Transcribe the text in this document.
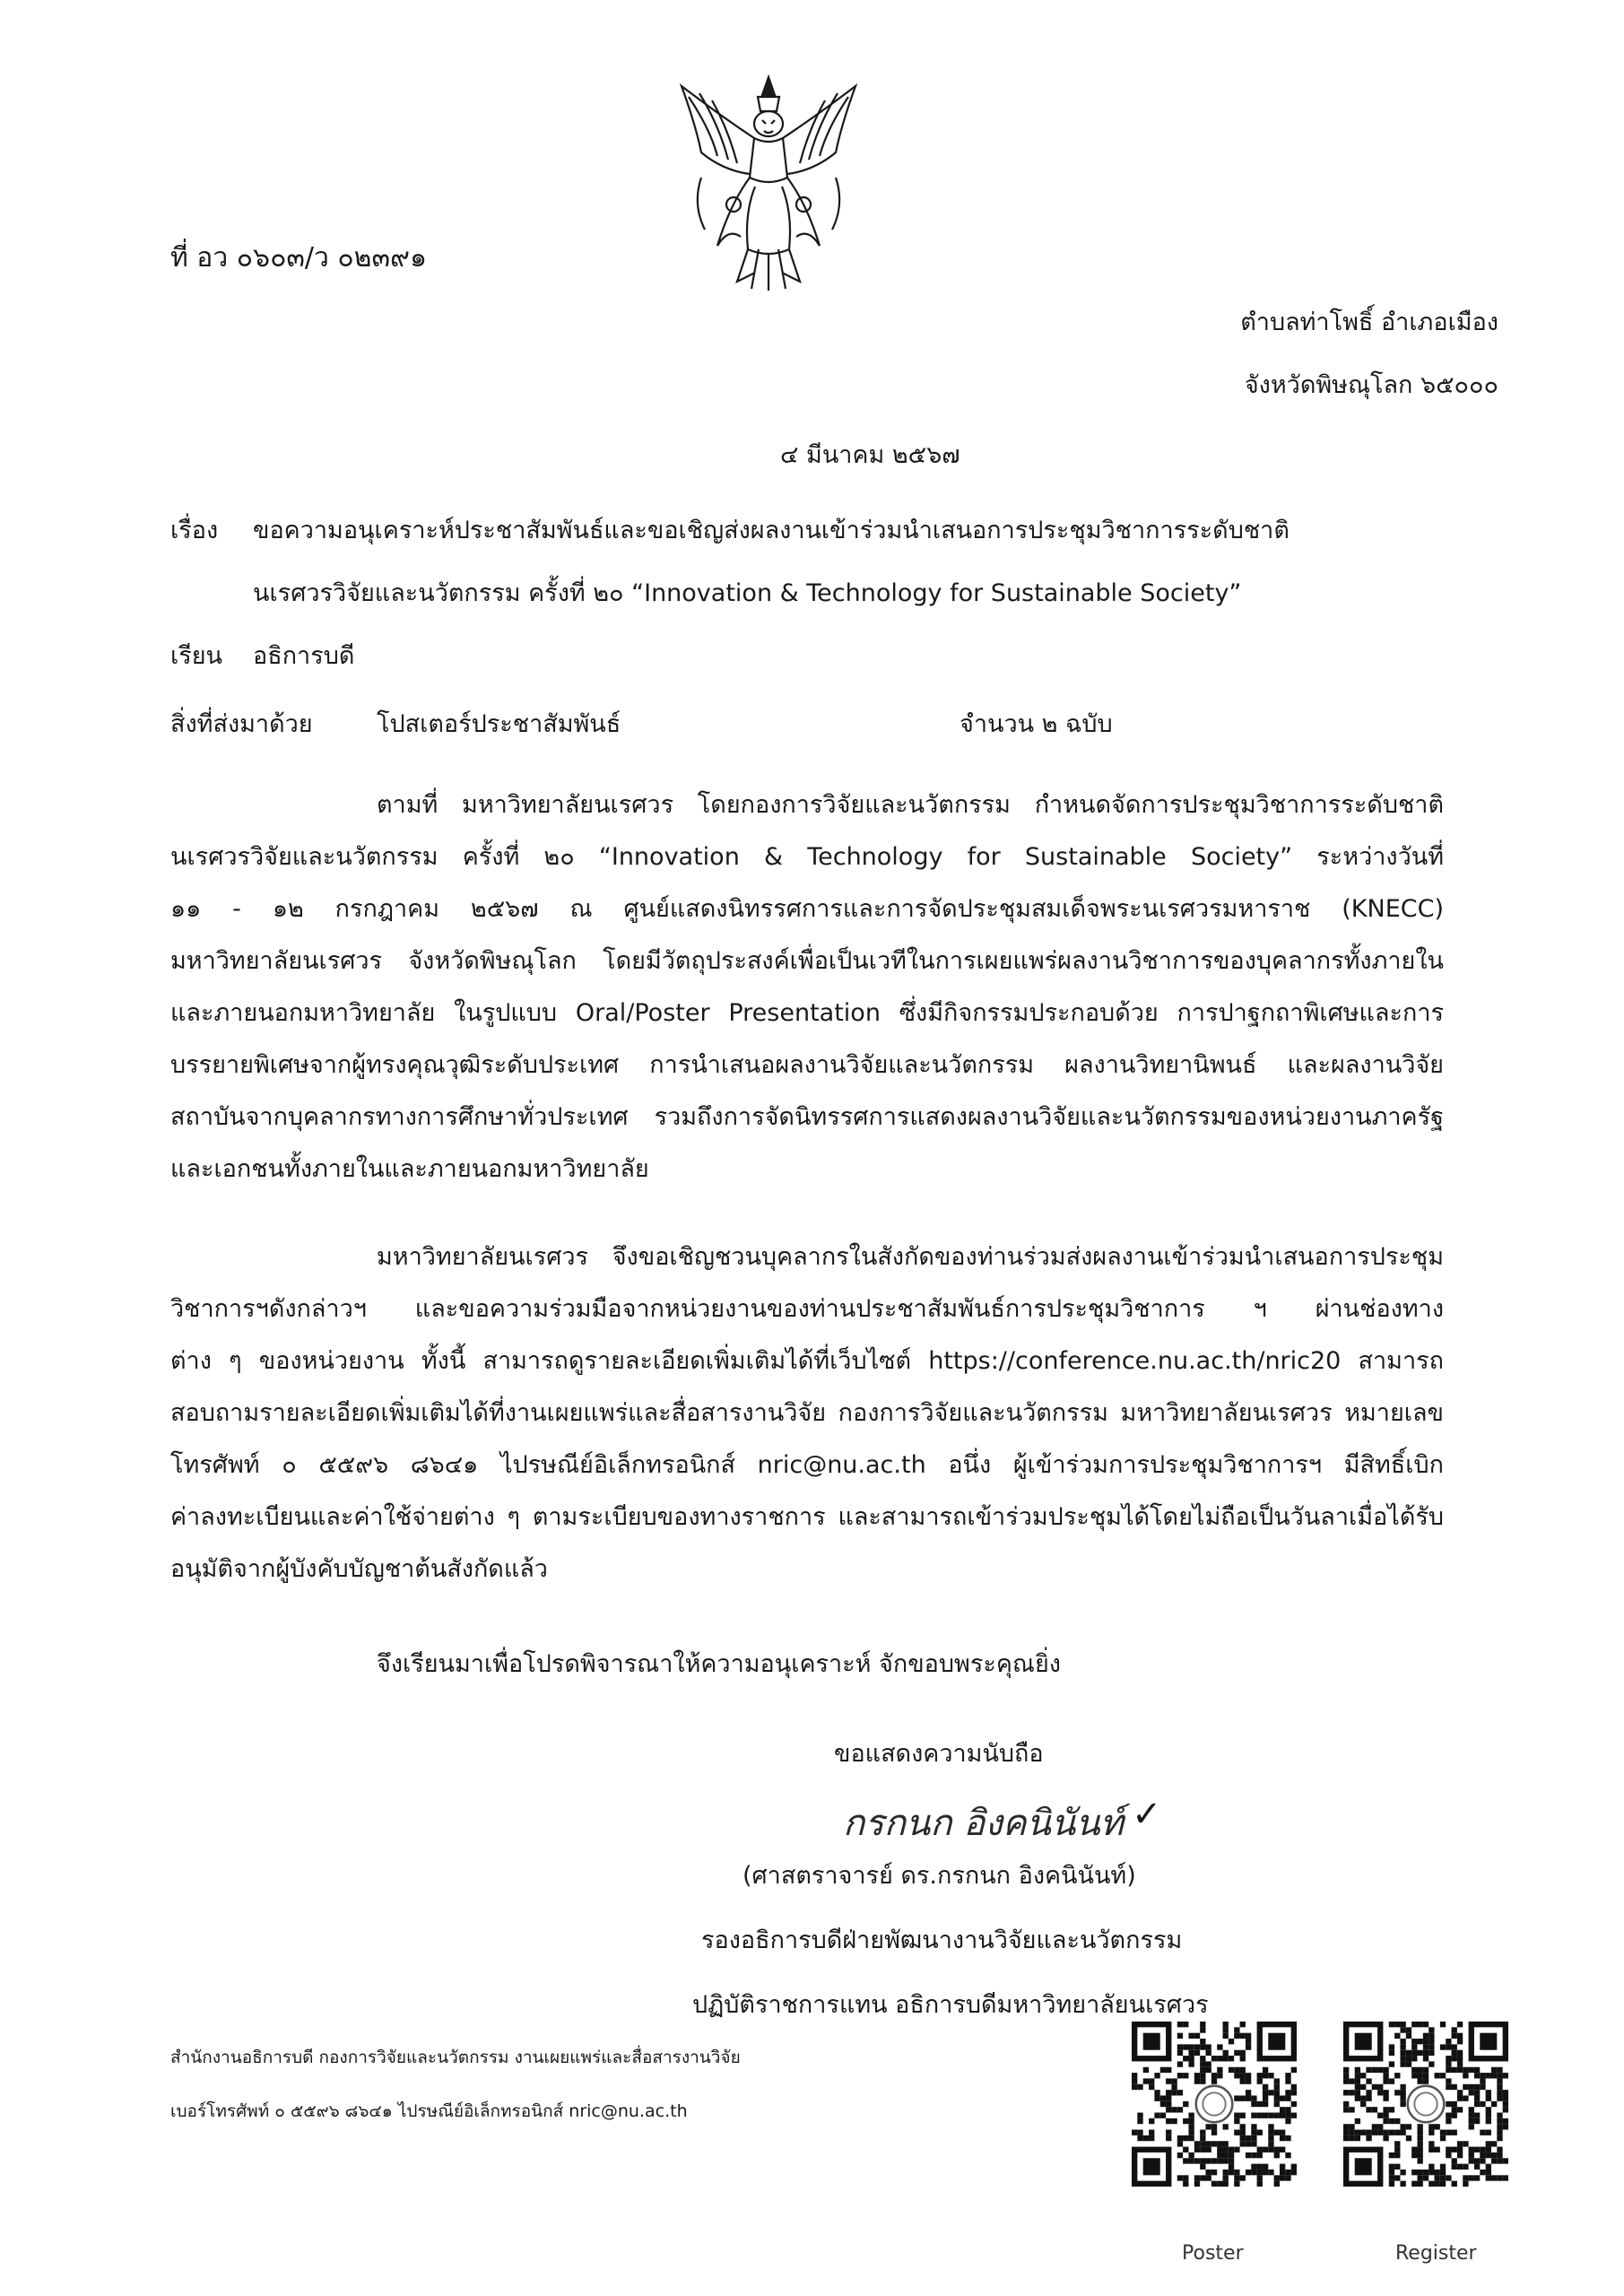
ที่ อว ๐๖๐๓/ว ๐๒๓๙๑
ตำบลท่าโพธิ์ อำเภอเมือง
จังหวัดพิษณุโลก ๖๕๐๐๐
๔ มีนาคม ๒๕๖๗
เรื่อง ขอความอนุเคราะห์ประชาสัมพันธ์และขอเชิญส่งผลงานเข้าร่วมนำเสนอการประชุมวิชาการระดับชาติ
นเรศวรวิจัยและนวัตกรรม ครั้งที่ ๒๐ “Innovation & Technology for Sustainable Society”
เรียน อธิการบดี
สิ่งที่ส่งมาด้วย	โปสเตอร์ประชาสัมพันธ์	จำนวน ๒ ฉบับ
ตามที่ มหาวิทยาลัยนเรศวร โดยกองการวิจัยและนวัตกรรม กำหนดจัดการประชุมวิชาการระดับชาติ
นเรศวรวิจัยและนวัตกรรม ครั้งที่ ๒๐ “Innovation & Technology for Sustainable Society” ระหว่างวันที่
๑๑ - ๑๒ กรกฎาคม ๒๕๖๗ ณ ศูนย์แสดงนิทรรศการและการจัดประชุมสมเด็จพระนเรศวรมหาราช (KNECC)
มหาวิทยาลัยนเรศวร จังหวัดพิษณุโลก โดยมีวัตถุประสงค์เพื่อเป็นเวทีในการเผยแพร่ผลงานวิชาการของบุคลากรทั้งภายใน
และภายนอกมหาวิทยาลัย ในรูปแบบ Oral/Poster Presentation ซึ่งมีกิจกรรมประกอบด้วย การปาฐกถาพิเศษและการ
บรรยายพิเศษจากผู้ทรงคุณวุฒิระดับประเทศ การนำเสนอผลงานวิจัยและนวัตกรรม ผลงานวิทยานิพนธ์ และผลงานวิจัย
สถาบันจากบุคลากรทางการศึกษาทั่วประเทศ รวมถึงการจัดนิทรรศการแสดงผลงานวิจัยและนวัตกรรมของหน่วยงานภาครัฐ
และเอกชนทั้งภายในและภายนอกมหาวิทยาลัย
มหาวิทยาลัยนเรศวร จึงขอเชิญชวนบุคลากรในสังกัดของท่านร่วมส่งผลงานเข้าร่วมนำเสนอการประชุม
วิชาการฯดังกล่าวฯ และขอความร่วมมือจากหน่วยงานของท่านประชาสัมพันธ์การประชุมวิชาการ ฯ ผ่านช่องทาง
ต่าง ๆ ของหน่วยงาน ทั้งนี้ สามารถดูรายละเอียดเพิ่มเติมได้ที่เว็บไซต์ https://conference.nu.ac.th/nric20 สามารถ
สอบถามรายละเอียดเพิ่มเติมได้ที่งานเผยแพร่และสื่อสารงานวิจัย กองการวิจัยและนวัตกรรม มหาวิทยาลัยนเรศวร หมายเลข
โทรศัพท์ ๐ ๕๕๙๖ ๘๖๔๑ ไปรษณีย์อิเล็กทรอนิกส์ nric@nu.ac.th อนึ่ง ผู้เข้าร่วมการประชุมวิชาการฯ มีสิทธิ์เบิก
ค่าลงทะเบียนและค่าใช้จ่ายต่าง ๆ ตามระเบียบของทางราชการ และสามารถเข้าร่วมประชุมได้โดยไม่ถือเป็นวันลาเมื่อได้รับ
อนุมัติจากผู้บังคับบัญชาต้นสังกัดแล้ว
จึงเรียนมาเพื่อโปรดพิจารณาให้ความอนุเคราะห์ จักขอบพระคุณยิ่ง
ขอแสดงความนับถือ
กรกนก อิงคนินันท์ ✓
(ศาสตราจารย์ ดร.กรกนก อิงคนินันท์)
รองอธิการบดีฝ่ายพัฒนางานวิจัยและนวัตกรรม
ปฏิบัติราชการแทน อธิการบดีมหาวิทยาลัยนเรศวร
สำนักงานอธิการบดี กองการวิจัยและนวัตกรรม งานเผยแพร่และสื่อสารงานวิจัย
เบอร์โทรศัพท์ ๐ ๕๕๙๖ ๘๖๔๑ ไปรษณีย์อิเล็กทรอนิกส์ nric@nu.ac.th
Poster	Register
